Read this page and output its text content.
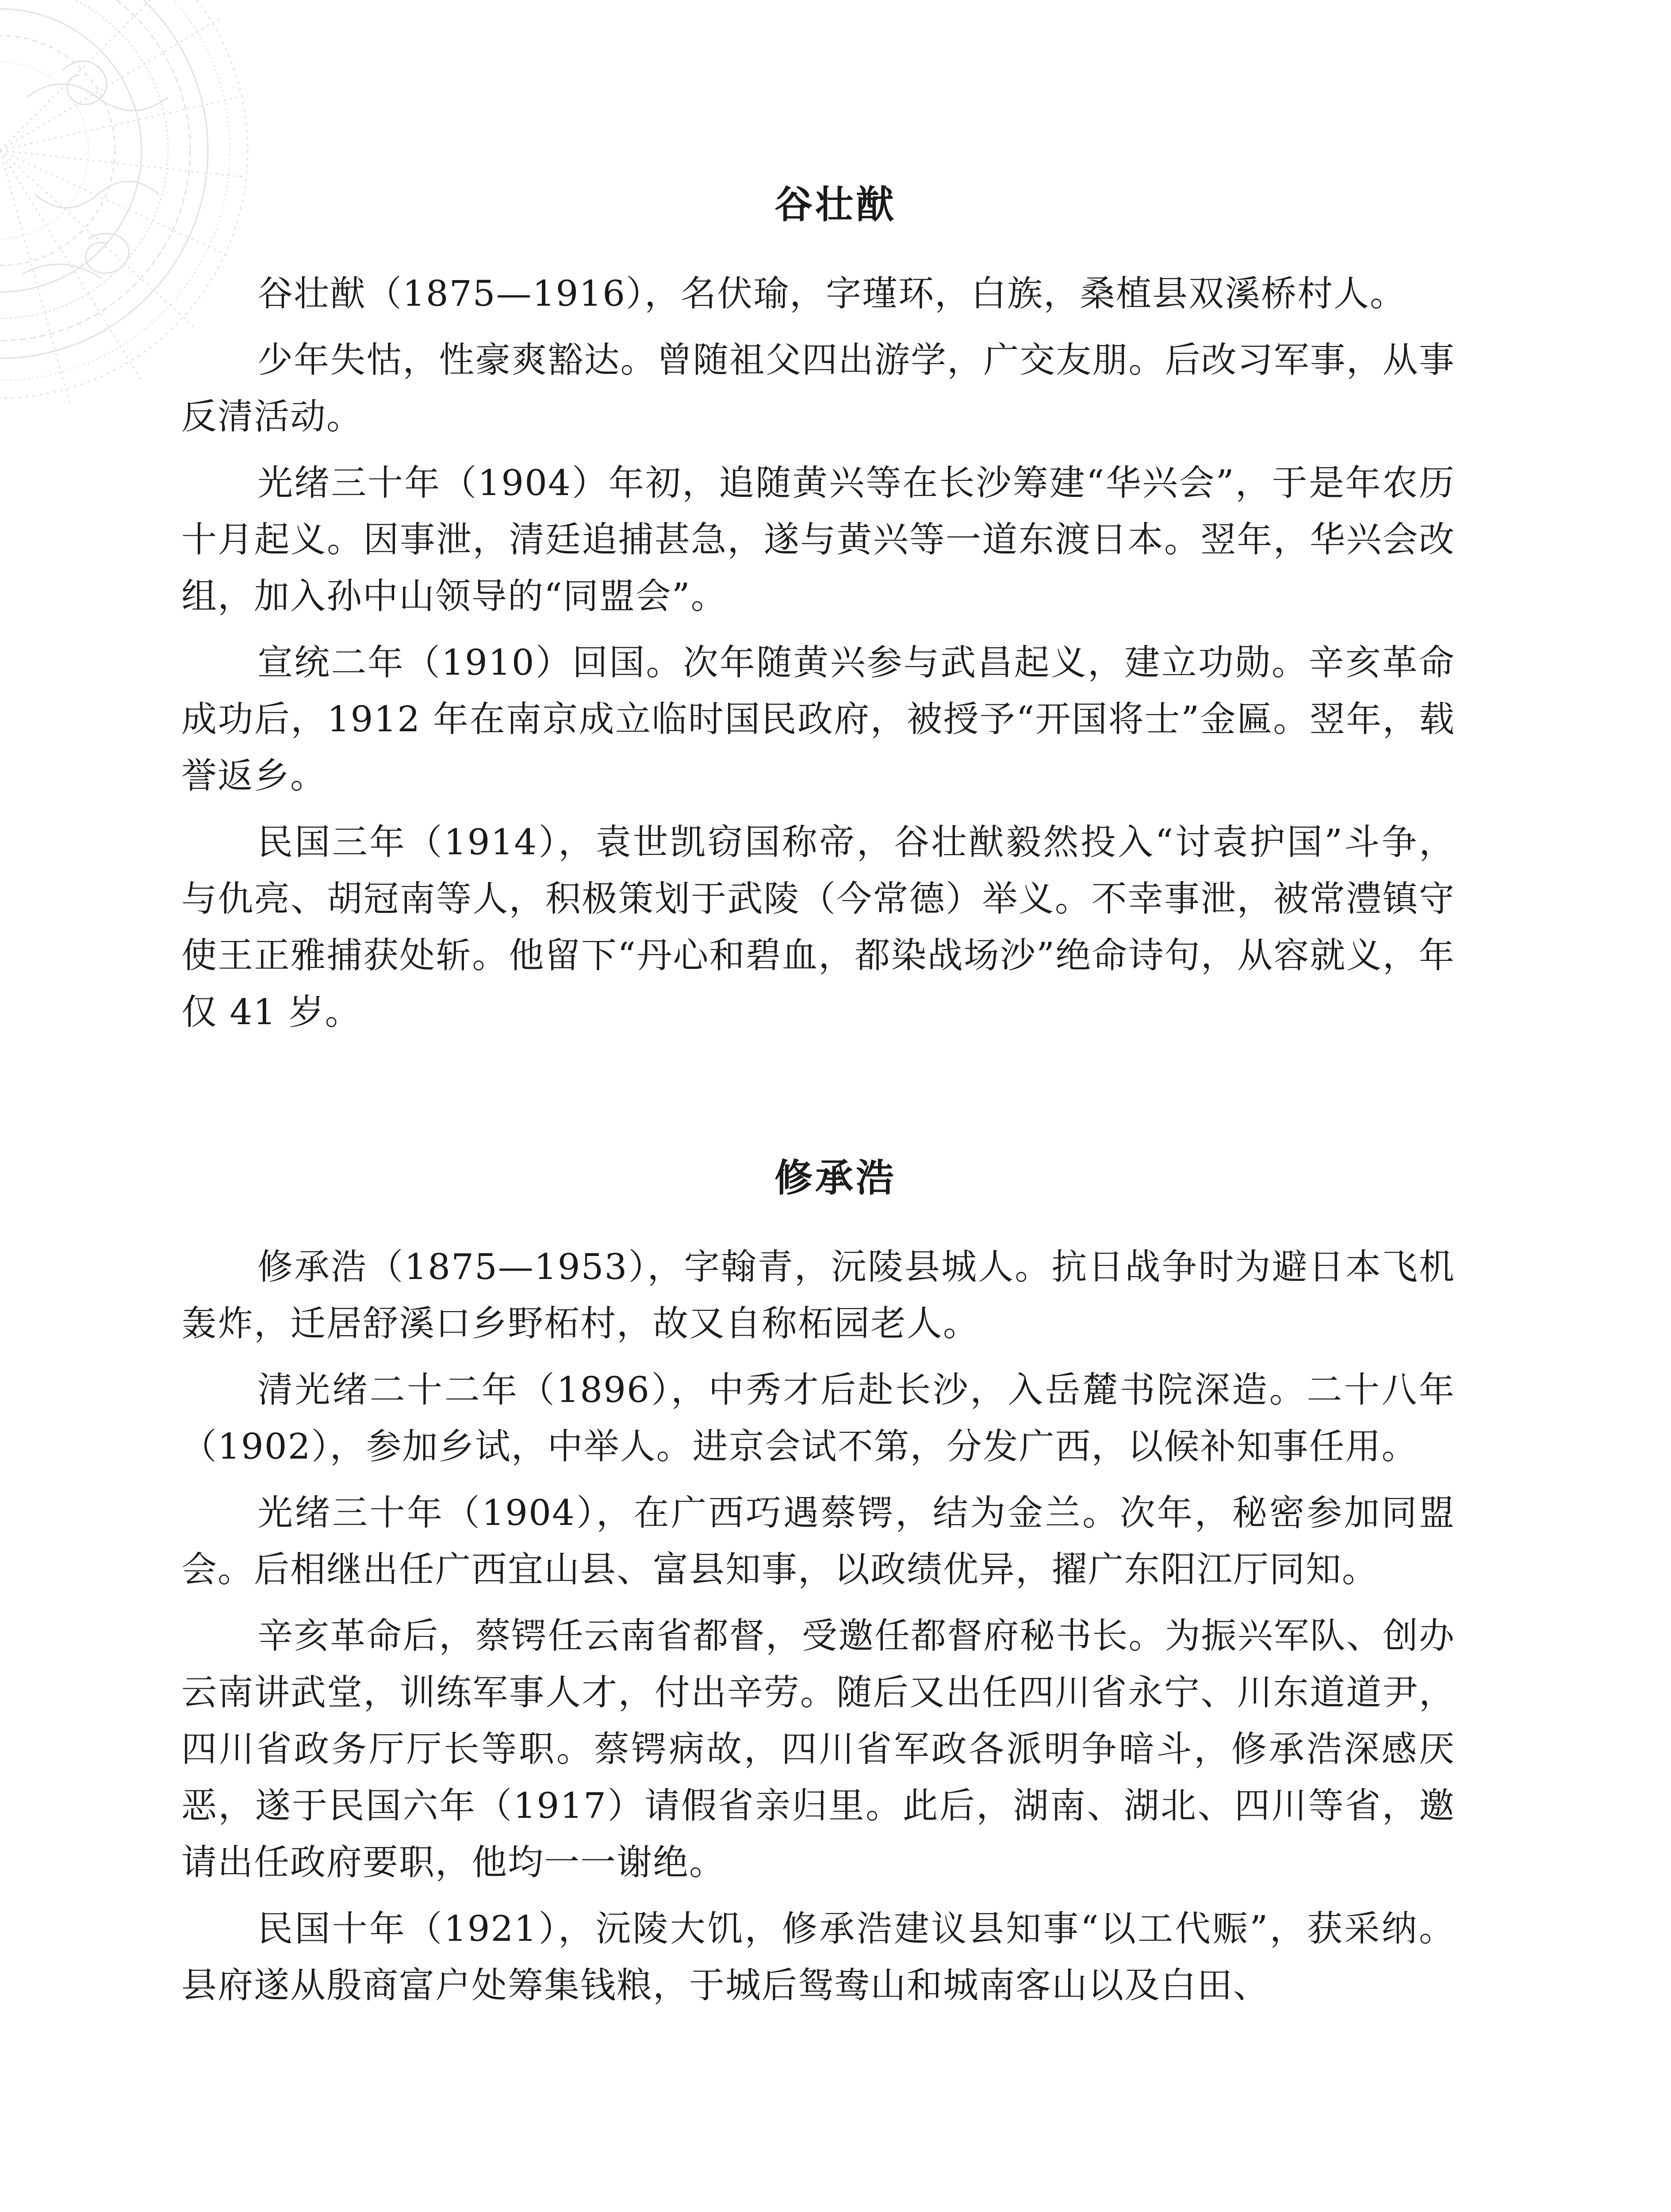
谷壮猷

谷壮猷（1875—1916），名伏瑜，字瑾环，白族，桑植县双溪桥村人。

少年失怙，性豪爽豁达。曾随祖父四出游学，广交友朋。后改习军事，从事反清活动。

光绪三十年（1904）年初，追随黄兴等在长沙筹建“华兴会”，于是年农历十月起义。因事泄，清廷追捕甚急，遂与黄兴等一道东渡日本。翌年，华兴会改组，加入孙中山领导的“同盟会”。

宣统二年（1910）回国。次年随黄兴参与武昌起义，建立功勋。辛亥革命成功后，1912 年在南京成立临时国民政府，被授予“开国将士”金匾。翌年，载誉返乡。

民国三年（1914），袁世凯窃国称帝，谷壮猷毅然投入“讨袁护国”斗争，与仇亮、胡冠南等人，积极策划于武陵（今常德）举义。不幸事泄，被常澧镇守使王正雅捕获处斩。他留下“丹心和碧血，都染战场沙”绝命诗句，从容就义，年仅 41 岁。

修承浩

修承浩（1875—1953），字翰青，沅陵县城人。抗日战争时为避日本飞机轰炸，迁居舒溪口乡野柘村，故又自称柘园老人。

清光绪二十二年（1896），中秀才后赴长沙，入岳麓书院深造。二十八年（1902），参加乡试，中举人。进京会试不第，分发广西，以候补知事任用。

光绪三十年（1904），在广西巧遇蔡锷，结为金兰。次年，秘密参加同盟会。后相继出任广西宜山县、富县知事，以政绩优异，擢广东阳江厅同知。

辛亥革命后，蔡锷任云南省都督，受邀任都督府秘书长。为振兴军队、创办云南讲武堂，训练军事人才，付出辛劳。随后又出任四川省永宁、川东道道尹，四川省政务厅厅长等职。蔡锷病故，四川省军政各派明争暗斗，修承浩深感厌恶，遂于民国六年（1917）请假省亲归里。此后，湖南、湖北、四川等省，邀请出任政府要职，他均一一谢绝。

民国十年（1921），沅陵大饥，修承浩建议县知事“以工代赈”，获采纳。县府遂从殷商富户处筹集钱粮，于城后鸳鸯山和城南客山以及白田、
